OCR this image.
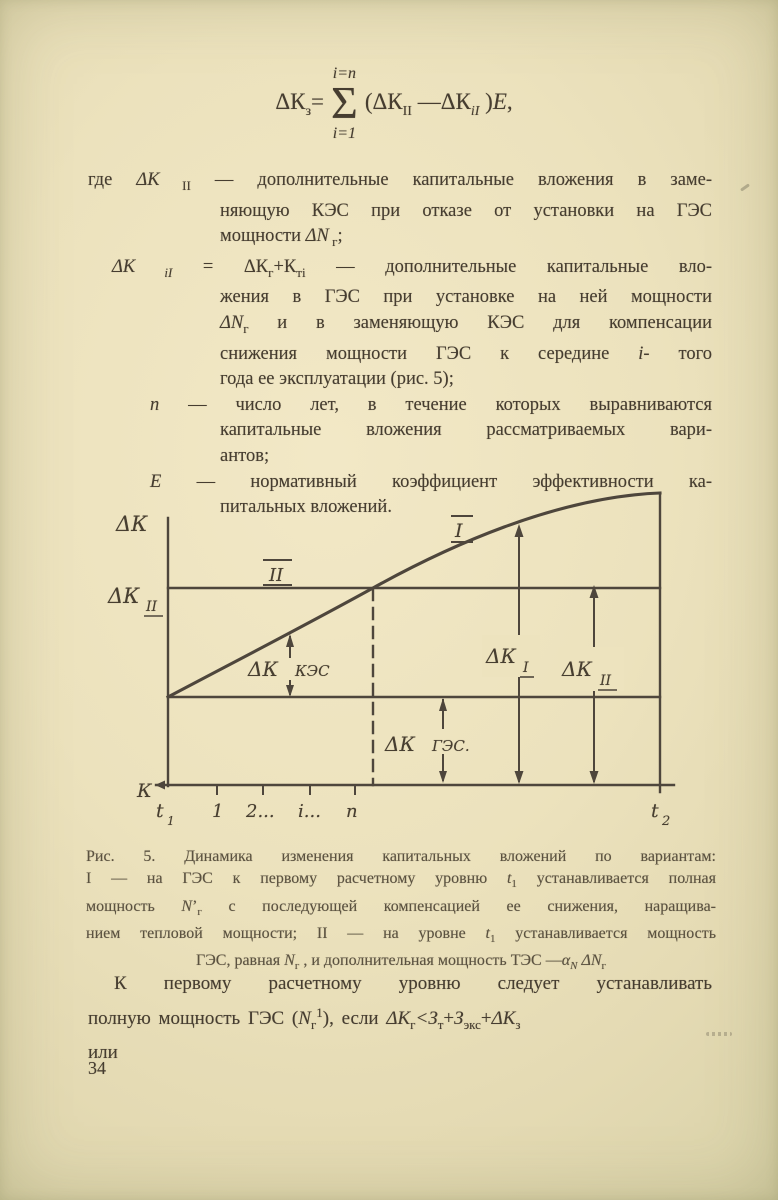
$\Delta К_з=$
i=n
Σ
i=1
($\Delta К_{II}$ $—\Delta К_{iI}$ )E,
где ΔК $_{II}$ — дополнительные капитальные вложения в заме-
няющую КЭС при отказе от установки на ГЭС
мощности ΔN $_г$;
ΔК $_{iI} = \Delta К_г+К_{тi}$ — дополнительные капитальные вло-
жения в ГЭС при установке на ней мощности
$\Delta N_г$ и в заменяющую КЭС для компенсации
снижения мощности ГЭС к середине i- того
года ее эксплуатации (рис. 5);
n — число лет, в течение которых выравниваются
капитальные вложения рассматриваемых вари-
антов;
E — нормативный коэффициент эффективности ка-
питальных вложений.
ΔК
ΔК II
I
II
ΔК КЭС
ΔК I ΔК II
ΔК ГЭС.
К
t 1 1 2... i... n	t 2
Рис. 5. Динамика изменения капитальных вложений по вариантам:
I — на ГЭС к первому расчетному уровню $t_1$ устанавливается полная
мощность $N’_г$ с последующей компенсацией ее снижения, наращива-
нием тепловой мощности; II — на уровне $t_1$ устанавливается мощность
ГЭС, равная $N_г$ , и дополнительная мощность ТЭС $—\alpha_N$ $\Delta N_г$
К первому расчетному уровню следует устанавливать
полную мощность ГЭС $(N_г^1)$, если $\Delta К_г<З_т+З_{экс}+\Delta К_з$
или
34
